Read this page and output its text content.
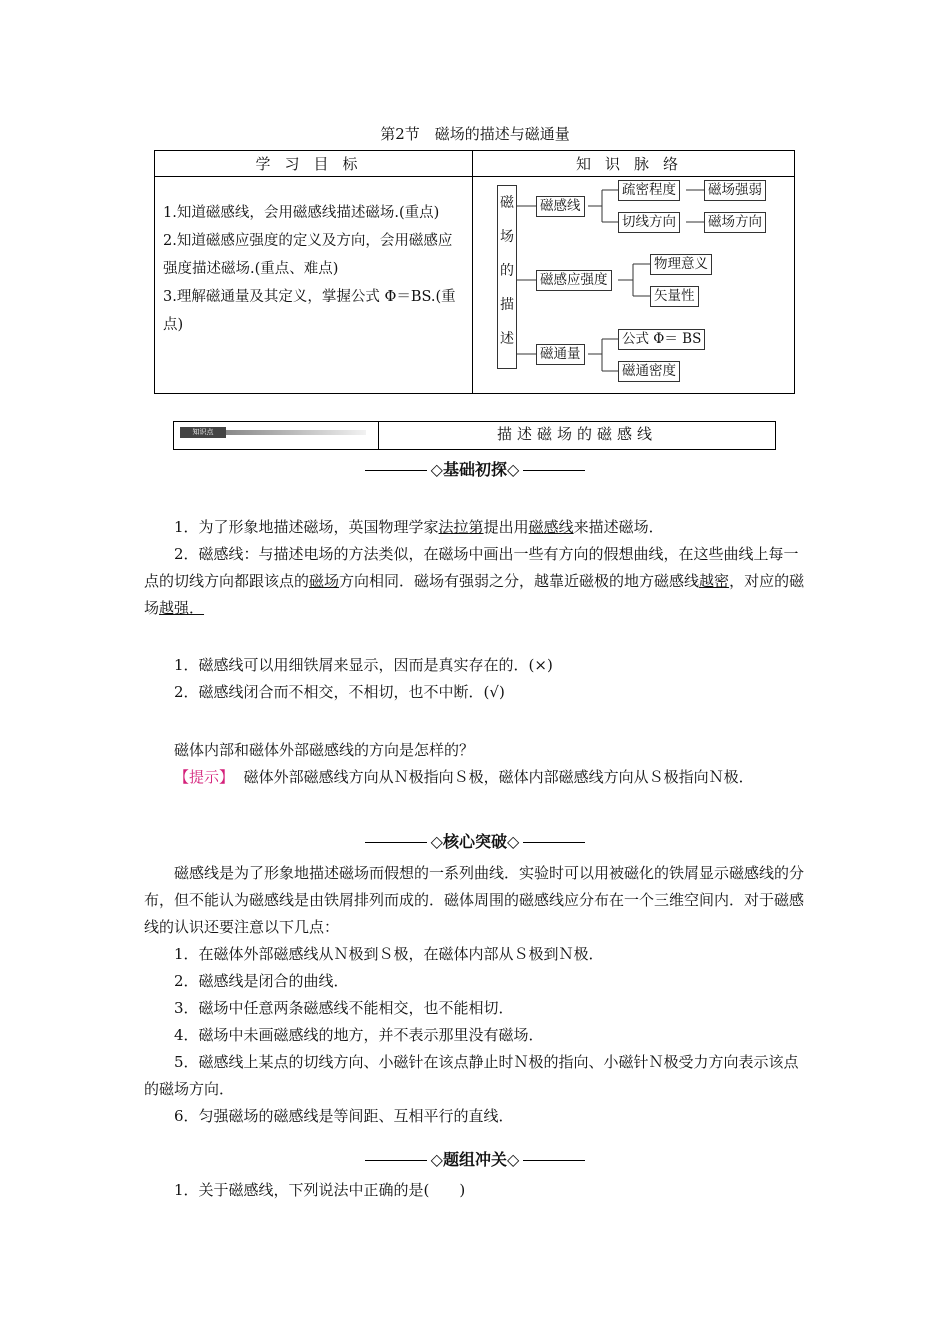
第2节　磁场的描述与磁通量
学习目标	知识脉络

1.知道磁感线，会用磁感线描述磁场.(重点)

2.知道磁感应强度的定义及方向，会用磁感应强度描述磁场.(重点、难点)

3.理解磁通量及其定义，掌握公式 Φ＝BS.(重点)

磁
场
的
描
述
磁感线
疏密程度 磁场强弱
切线方向 磁场方向
磁感应强度
物理意义
矢量性
磁通量
公式 Φ＝ BS
磁通密度
知识点	描述磁场的磁感线
◇基础初探◇

1．为了形象地描述磁场，英国物理学家法拉第提出用磁感线来描述磁场．

2．磁感线：与描述电场的方法类似，在磁场中画出一些有方向的假想曲线，在这些曲线上每一点的切线方向都跟该点的磁场方向相同．磁场有强弱之分，越靠近磁极的地方磁感线越密，对应的磁场越强．

1．磁感线可以用细铁屑来显示，因而是真实存在的．(×)

2．磁感线闭合而不相交，不相切，也不中断．(√)

磁体内部和磁体外部磁感线的方向是怎样的？

【提示】 磁体外部磁感线方向从Ｎ极指向Ｓ极，磁体内部磁感线方向从Ｓ极指向Ｎ极．

◇核心突破◇

磁感线是为了形象地描述磁场而假想的一系列曲线．实验时可以用被磁化的铁屑显示磁感线的分布，但不能认为磁感线是由铁屑排列而成的．磁体周围的磁感线应分布在一个三维空间内．对于磁感线的认识还要注意以下几点：

1．在磁体外部磁感线从Ｎ极到Ｓ极，在磁体内部从Ｓ极到Ｎ极．

2．磁感线是闭合的曲线．

3．磁场中任意两条磁感线不能相交，也不能相切．

4．磁场中未画磁感线的地方，并不表示那里没有磁场．

5．磁感线上某点的切线方向、小磁针在该点静止时Ｎ极的指向、小磁针Ｎ极受力方向表示该点的磁场方向．

6．匀强磁场的磁感线是等间距、互相平行的直线．

◇题组冲关◇

1．关于磁感线，下列说法中正确的是(　　)
